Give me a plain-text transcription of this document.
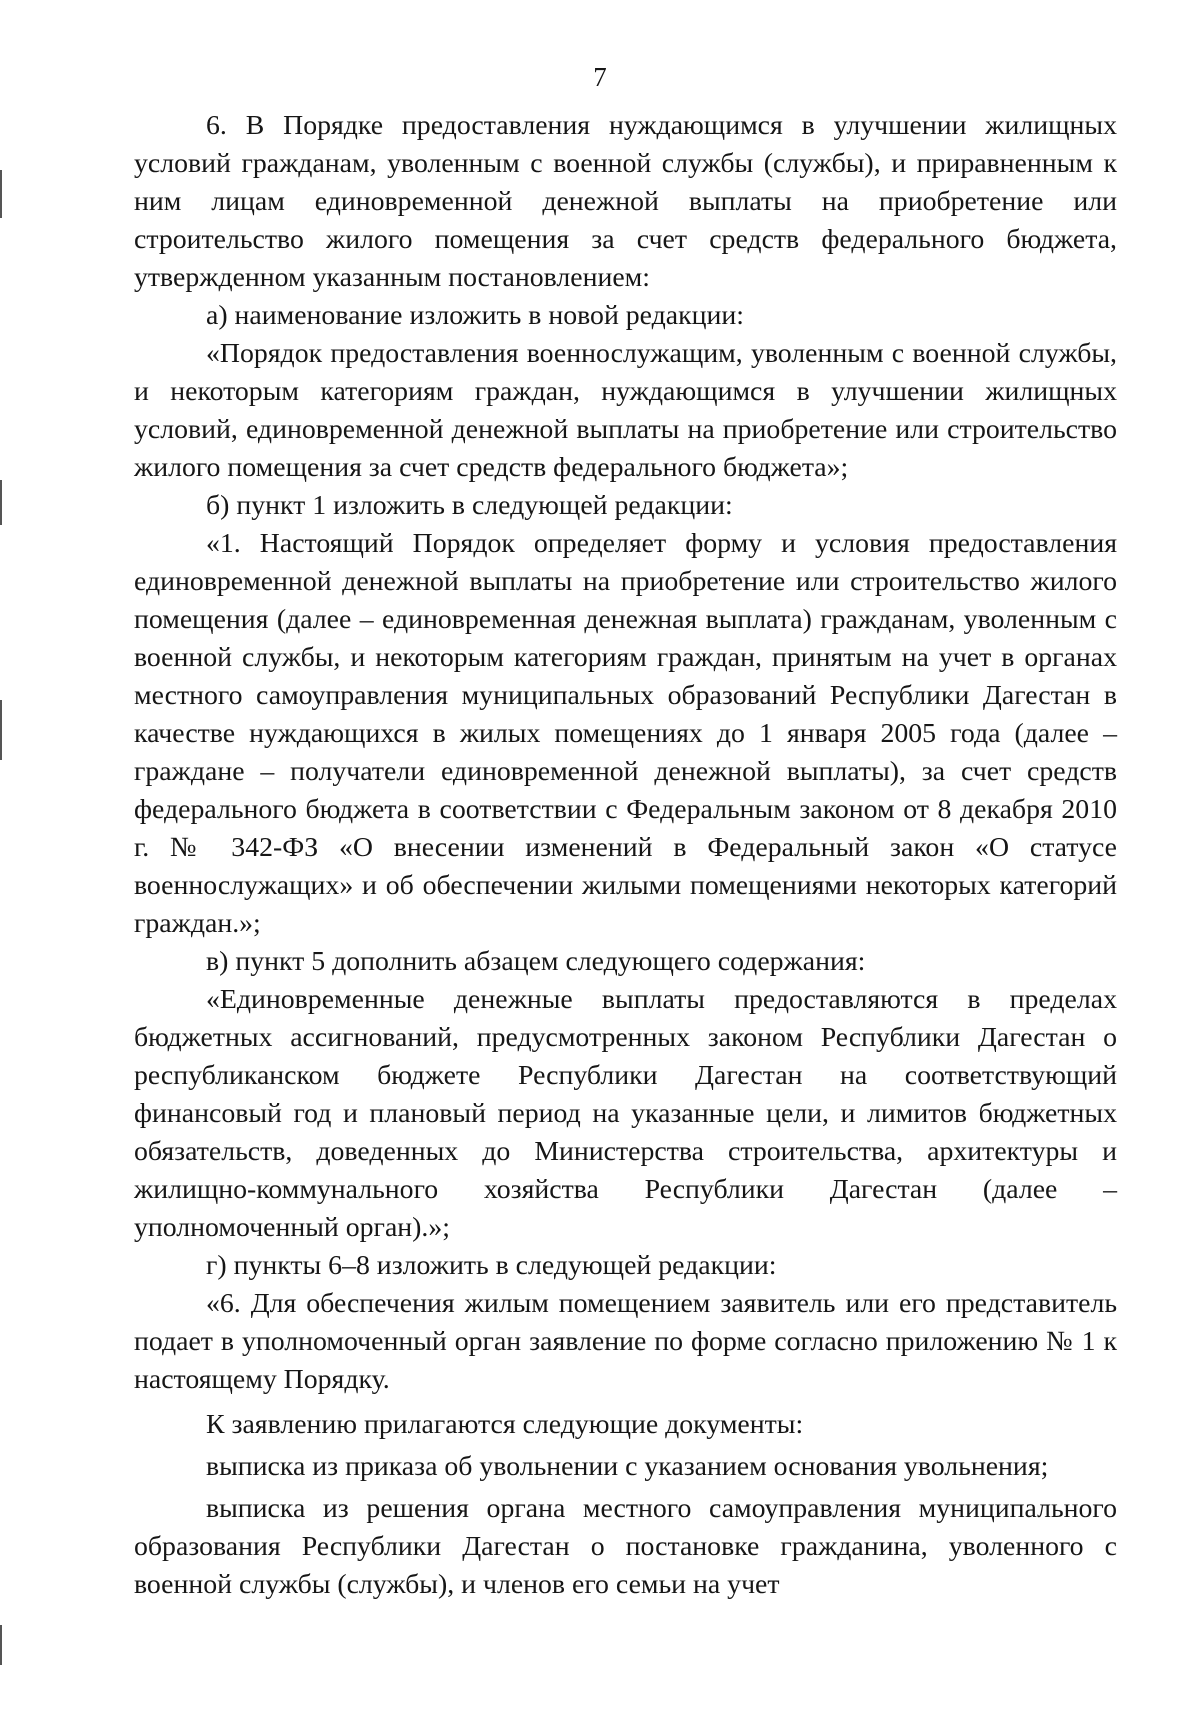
7

6. В Порядке предоставления нуждающимся в улучшении жилищных условий гражданам, уволенным с военной службы (службы), и приравненным к ним лицам единовременной денежной выплаты на приобретение или строительство жилого помещения за счет средств федерального бюджета, утвержденном указанным постановлением:

а) наименование изложить в новой редакции:

«Порядок предоставления военнослужащим, уволенным с военной службы, и некоторым категориям граждан, нуждающимся в улучшении жилищных условий, единовременной денежной выплаты на приобретение или строительство жилого помещения за счет средств федерального бюджета»;

б) пункт 1 изложить в следующей редакции:

«1. Настоящий Порядок определяет форму и условия предоставления единовременной денежной выплаты на приобретение или строительство жилого помещения (далее – единовременная денежная выплата) гражданам, уволенным с военной службы, и некоторым категориям граждан, принятым на учет в органах местного самоуправления муниципальных образований Республики Дагестан в качестве нуждающихся в жилых помещениях до 1 января 2005 года (далее – граждане – получатели единовременной денежной выплаты), за счет средств федерального бюджета в соответствии с Федеральным законом от 8 декабря 2010 г. № 342-ФЗ «О внесении изменений в Федеральный закон «О статусе военнослужащих» и об обеспечении жилыми помещениями некоторых категорий граждан.»;

в) пункт 5 дополнить абзацем следующего содержания:

«Единовременные денежные выплаты предоставляются в пределах бюджетных ассигнований, предусмотренных законом Республики Дагестан о республиканском бюджете Республики Дагестан на соответствующий финансовый год и плановый период на указанные цели, и лимитов бюджетных обязательств, доведенных до Министерства строительства, архитектуры и жилищно-коммунального хозяйства Республики Дагестан (далее – уполномоченный орган).»;

г) пункты 6–8 изложить в следующей редакции:

«6. Для обеспечения жилым помещением заявитель или его представитель подает в уполномоченный орган заявление по форме согласно приложению № 1 к настоящему Порядку.

К заявлению прилагаются следующие документы:

выписка из приказа об увольнении с указанием основания увольнения;

выписка из решения органа местного самоуправления муниципального образования Республики Дагестан о постановке гражданина, уволенного с военной службы (службы), и членов его семьи на учет
